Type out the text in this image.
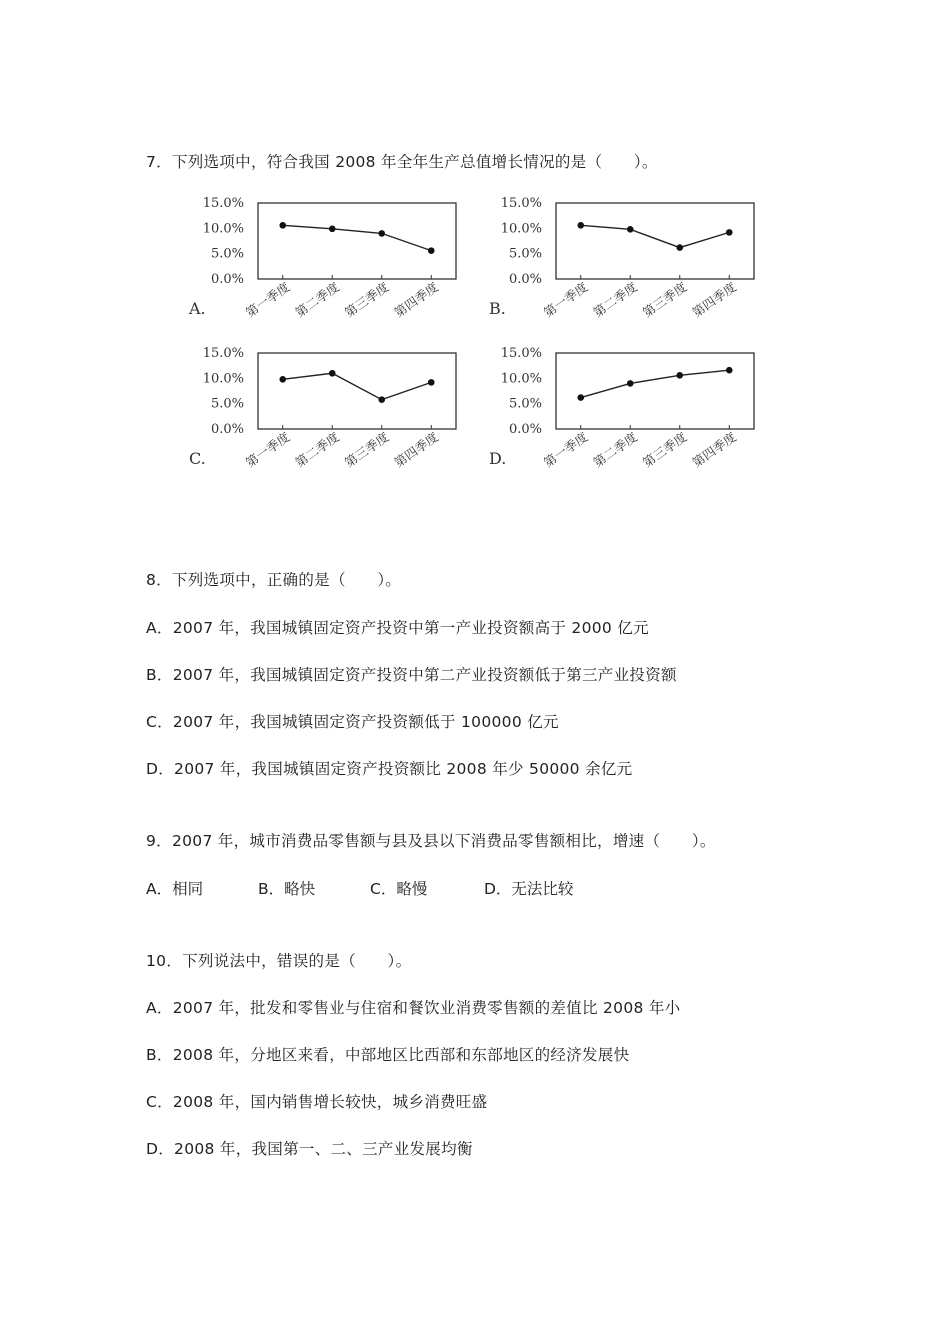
7．下列选项中，符合我国 2008 年全年生产总值增长情况的是（　　）。
A.
15.0%
10.0%
5.0%
0.0%
第一季度 第二季度 第三季度 第四季度	B.
15.0%
10.0%
5.0%
0.0%
第一季度 第二季度 第三季度 第四季度
C.
15.0%
10.0%
5.0%
0.0%
第一季度 第二季度 第三季度 第四季度	D.
15.0%
10.0%
5.0%
0.0%
第一季度 第二季度 第三季度 第四季度
8．下列选项中，正确的是（　　）。
A．2007 年，我国城镇固定资产投资中第一产业投资额高于 2000 亿元
B．2007 年，我国城镇固定资产投资中第二产业投资额低于第三产业投资额
C．2007 年，我国城镇固定资产投资额低于 100000 亿元
D．2007 年，我国城镇固定资产投资额比 2008 年少 50000 余亿元
9．2007 年，城市消费品零售额与县及县以下消费品零售额相比，增速（　　）。
A．相同	B．略快	C．略慢	D．无法比较
10．下列说法中，错误的是（　　）。
A．2007 年，批发和零售业与住宿和餐饮业消费零售额的差值比 2008 年小
B．2008 年，分地区来看，中部地区比西部和东部地区的经济发展快
C．2008 年，国内销售增长较快，城乡消费旺盛
D．2008 年，我国第一、二、三产业发展均衡
